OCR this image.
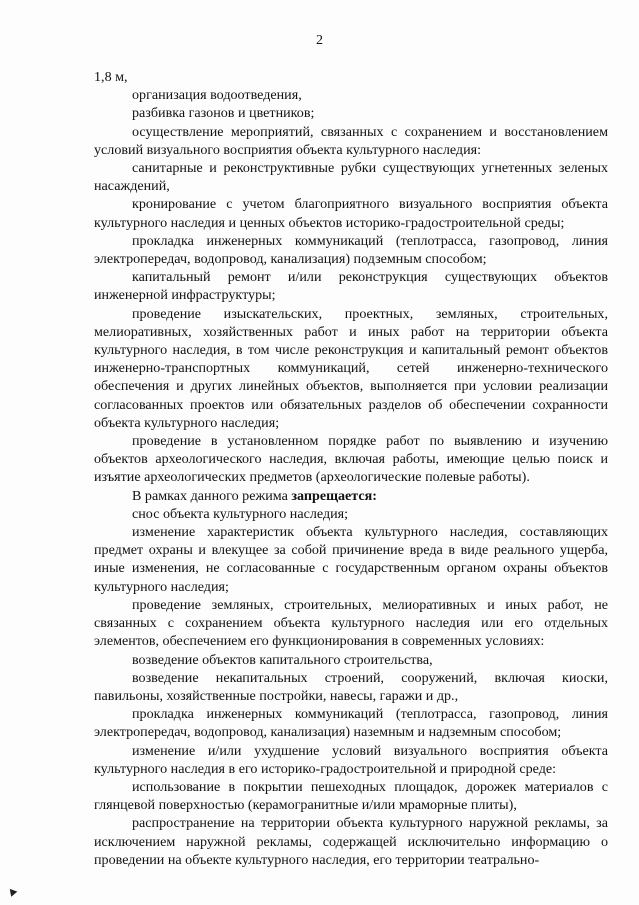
2

1,8 м,

организация водоотведения,

разбивка газонов и цветников;

осуществление мероприятий, связанных с сохранением и восстановлением условий визуального восприятия объекта культурного наследия:

санитарные и реконструктивные рубки существующих угнетенных зеленых насаждений,

кронирование с учетом благоприятного визуального восприятия объекта культурного наследия и ценных объектов историко-градостроительной среды;

прокладка инженерных коммуникаций (теплотрасса, газопровод, линия электропередач, водопровод, канализация) подземным способом;

капитальный ремонт и/или реконструкция существующих объектов инженерной инфраструктуры;

проведение изыскательских, проектных, земляных, строительных, мелиоративных, хозяйственных работ и иных работ на территории объекта культурного наследия, в том числе реконструкция и капитальный ремонт объектов инженерно-транспортных коммуникаций, сетей инженерно-технического обеспечения и других линейных объектов, выполняется при условии реализации согласованных проектов или обязательных разделов об обеспечении сохранности объекта культурного наследия;

проведение в установленном порядке работ по выявлению и изучению объектов археологического наследия, включая работы, имеющие целью поиск и изъятие археологических предметов (археологические полевые работы).

В рамках данного режима запрещается:

снос объекта культурного наследия;

изменение характеристик объекта культурного наследия, составляющих предмет охраны и влекущее за собой причинение вреда в виде реального ущерба, иные изменения, не согласованные с государственным органом охраны объектов культурного наследия;

проведение земляных, строительных, мелиоративных и иных работ, не связанных с сохранением объекта культурного наследия или его отдельных элементов, обеспечением его функционирования в современных условиях:

возведение объектов капитального строительства,

возведение некапитальных строений, сооружений, включая киоски, павильоны, хозяйственные постройки, навесы, гаражи и др.,

прокладка инженерных коммуникаций (теплотрасса, газопровод, линия электропередач, водопровод, канализация) наземным и надземным способом;

изменение и/или ухудшение условий визуального восприятия объекта культурного наследия в его историко-градостроительной и природной среде:

использование в покрытии пешеходных площадок, дорожек материалов с глянцевой поверхностью (керамогранитные и/или мраморные плиты),

распространение на территории объекта культурного наружной рекламы, за исключением наружной рекламы, содержащей исключительно информацию о проведении на объекте культурного наследия, его территории театрально-
